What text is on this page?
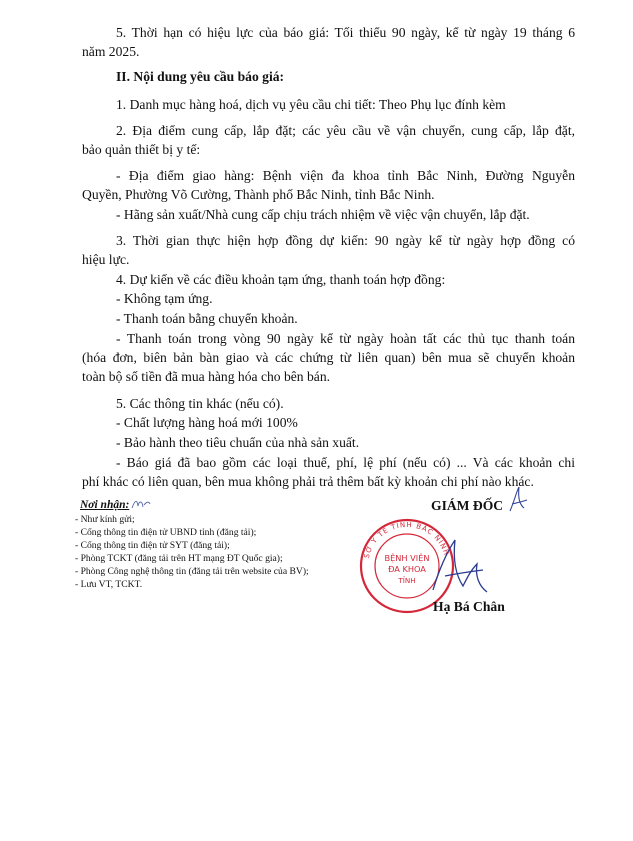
5. Thời hạn có hiệu lực của báo giá: Tối thiểu 90 ngày, kể từ ngày 19 tháng 6
năm 2025.
II. Nội dung yêu cầu báo giá:
1. Danh mục hàng hoá, dịch vụ yêu cầu chi tiết: Theo Phụ lục đính kèm
2. Địa điểm cung cấp, lắp đặt; các yêu cầu về vận chuyển, cung cấp, lắp đặt,
bảo quản thiết bị y tế:
- Địa điểm giao hàng: Bệnh viện đa khoa tỉnh Bắc Ninh, Đường Nguyễn
Quyền, Phường Võ Cường, Thành phố Bắc Ninh, tỉnh Bắc Ninh.
- Hãng sản xuất/Nhà cung cấp chịu trách nhiệm về việc vận chuyển, lắp đặt.
3. Thời gian thực hiện hợp đồng dự kiến: 90 ngày kể từ ngày hợp đồng có
hiệu lực.
4. Dự kiến về các điều khoản tạm ứng, thanh toán hợp đồng:
- Không tạm ứng.
- Thanh toán bằng chuyển khoản.
- Thanh toán trong vòng 90 ngày kể từ ngày hoàn tất các thủ tục thanh toán
(hóa đơn, biên bản bàn giao và các chứng từ liên quan) bên mua sẽ chuyển khoản
toàn bộ số tiền đã mua hàng hóa cho bên bán.
5. Các thông tin khác (nếu có).
- Chất lượng hàng hoá mới 100%
- Bảo hành theo tiêu chuẩn của nhà sản xuất.
- Báo giá đã bao gồm các loại thuế, phí, lệ phí (nếu có) ... Và các khoản chi
phí khác có liên quan, bên mua không phải trả thêm bất kỳ khoản chi phí nào khác.
Nơi nhận:
- Như kính gửi;
- Cổng thông tin điện tử UBND tỉnh (đăng tải);
- Cổng thông tin điện tử SYT (đăng tải);
- Phòng TCKT (đăng tải trên HT mạng ĐT Quốc gia);
- Phòng Công nghệ thông tin (đăng tải trên website của BV);
- Lưu VT, TCKT.
GIÁM ĐỐC
SỞ Y TẾ TỈNH BẮC NINH
BỆNH VIỆN
ĐA KHOA
TỈNH
Hạ Bá Chân
